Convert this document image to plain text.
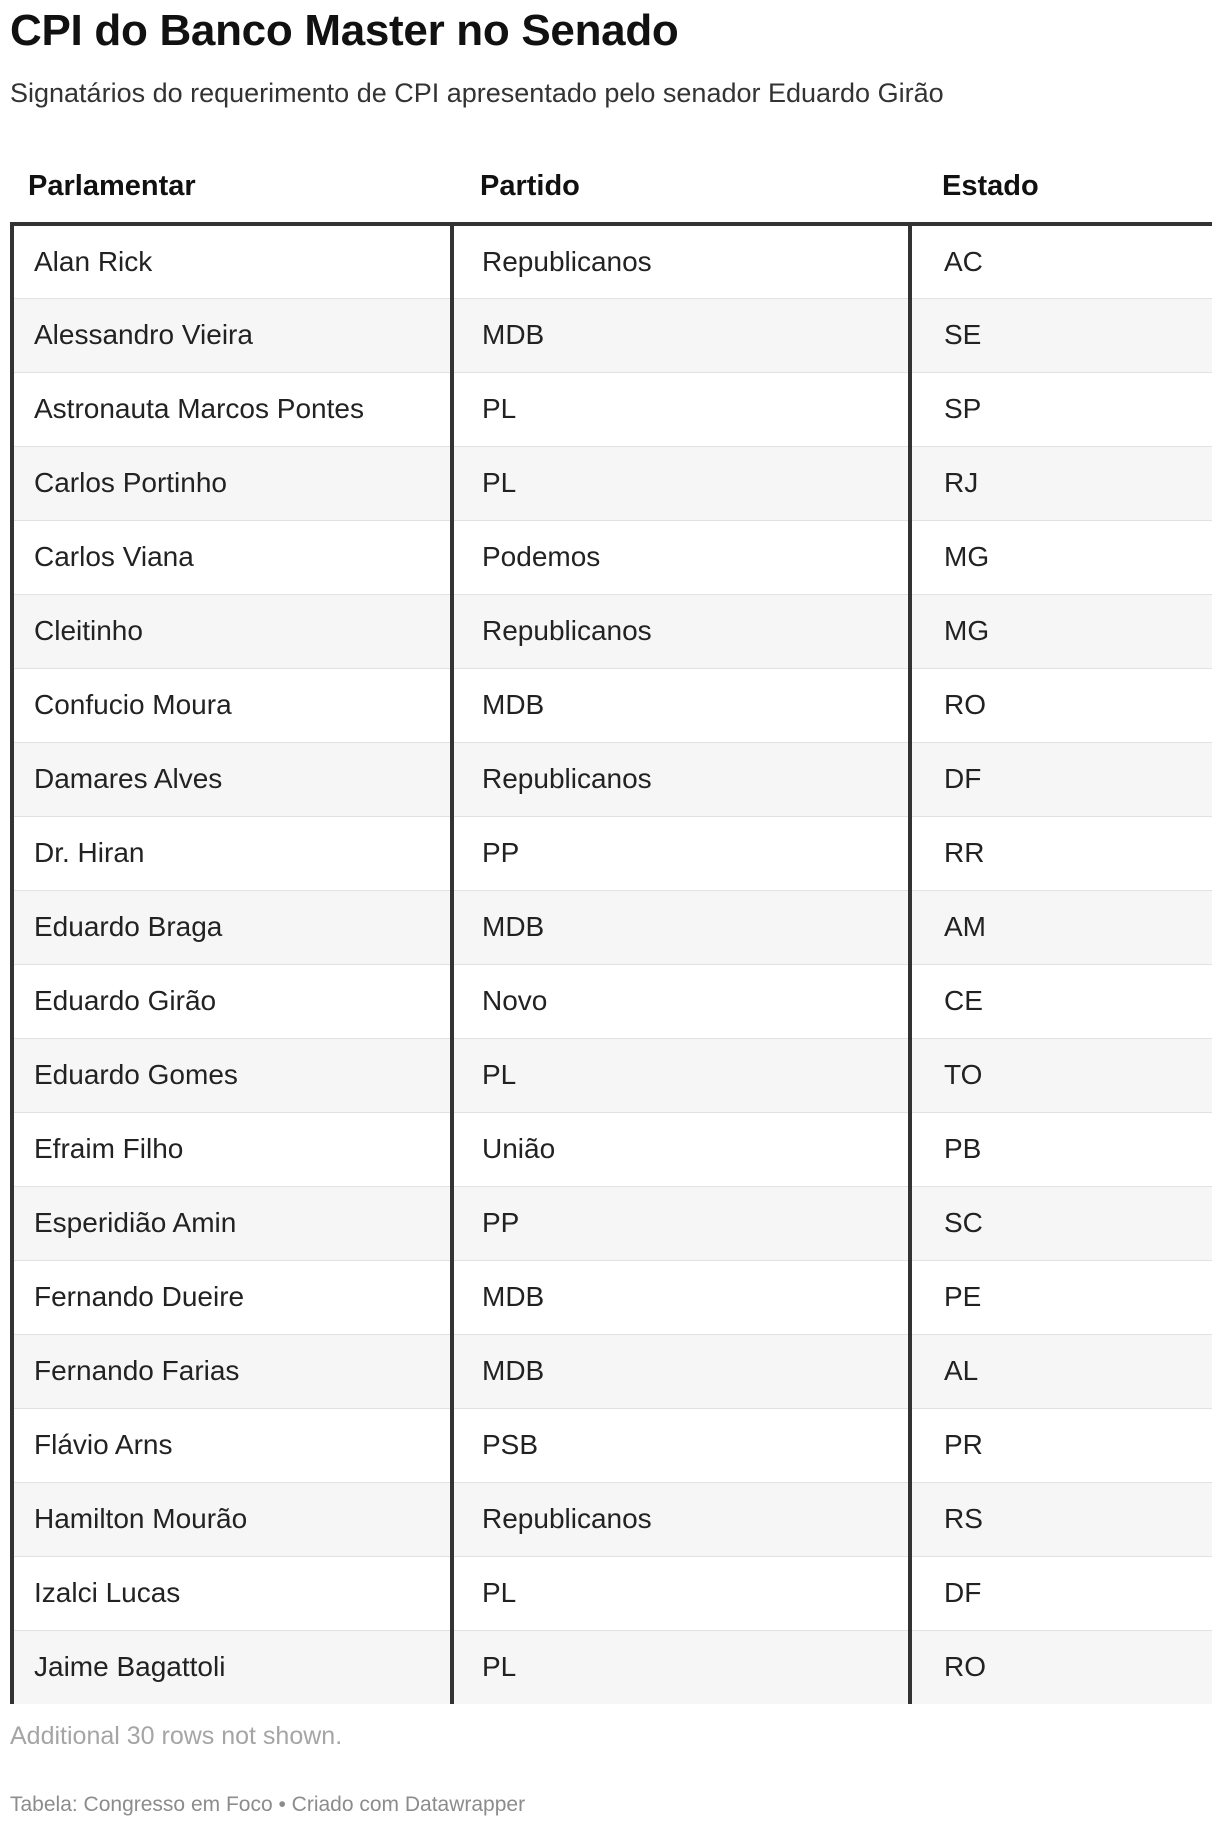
CPI do Banco Master no Senado

Signatários do requerimento de CPI apresentado pelo senador Eduardo Girão

Parlamentar	Partido	Estado
Alan Rick	Republicanos	AC
Alessandro Vieira	MDB	SE
Astronauta Marcos Pontes	PL	SP
Carlos Portinho	PL	RJ
Carlos Viana	Podemos	MG
Cleitinho	Republicanos	MG
Confucio Moura	MDB	RO
Damares Alves	Republicanos	DF
Dr. Hiran	PP	RR
Eduardo Braga	MDB	AM
Eduardo Girão	Novo	CE
Eduardo Gomes	PL	TO
Efraim Filho	União	PB
Esperidião Amin	PP	SC
Fernando Dueire	MDB	PE
Fernando Farias	MDB	AL
Flávio Arns	PSB	PR
Hamilton Mourão	Republicanos	RS
Izalci Lucas	PL	DF
Jaime Bagattoli	PL	RO

Additional 30 rows not shown.

Tabela: Congresso em Foco • Criado com Datawrapper
